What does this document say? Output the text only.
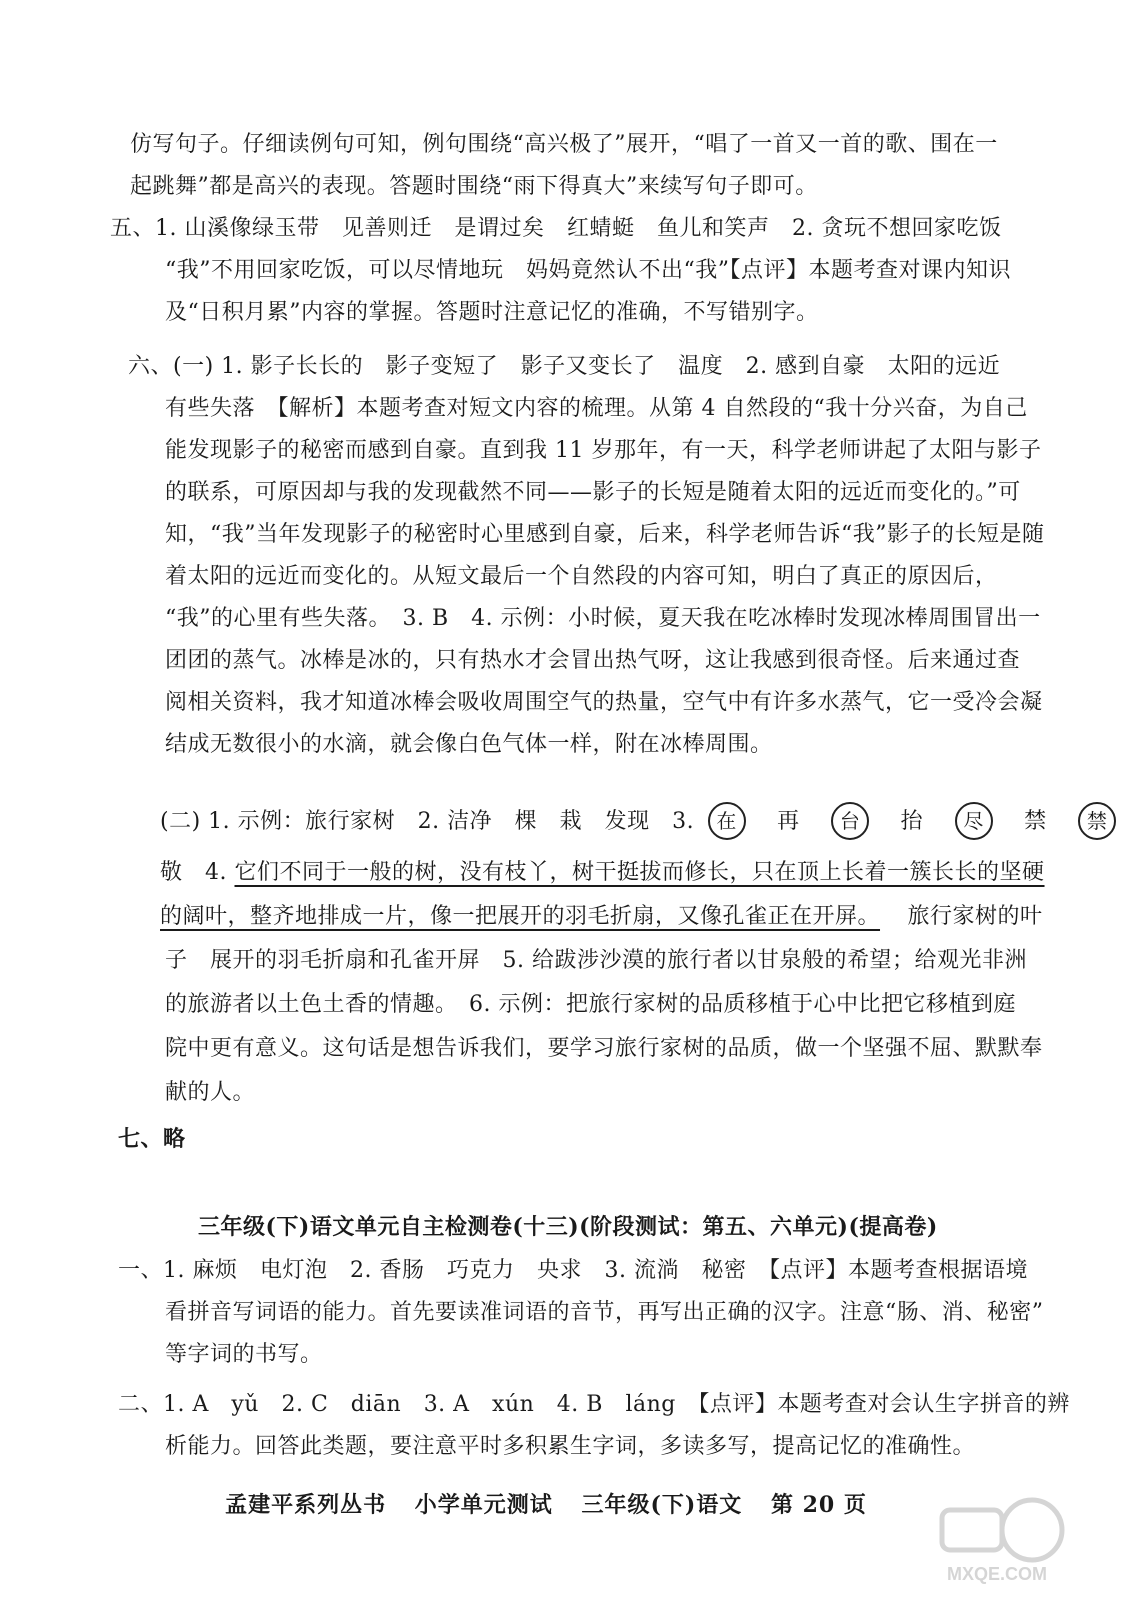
仿写句子。仔细读例句可知，例句围绕“高兴极了”展开，“唱了一首又一首的歌、围在一
起跳舞”都是高兴的表现。答题时围绕“雨下得真大”来续写句子即可。
五、1. 山溪像绿玉带　见善则迁　是谓过矣　红蜻蜓　鱼儿和笑声　2. 贪玩不想回家吃饭
“我”不用回家吃饭，可以尽情地玩　妈妈竟然认不出“我”【点评】本题考查对课内知识
及“日积月累”内容的掌握。答题时注意记忆的准确，不写错别字。
六、(一) 1. 影子长长的　影子变短了　影子又变长了　温度　2. 感到自豪　太阳的远近
有些失落　【解析】本题考查对短文内容的梳理。从第 4 自然段的“我十分兴奋，为自己
能发现影子的秘密而感到自豪。直到我 11 岁那年，有一天，科学老师讲起了太阳与影子
的联系，可原因却与我的发现截然不同——影子的长短是随着太阳的远近而变化的。”可
知，“我”当年发现影子的秘密时心里感到自豪，后来，科学老师告诉“我”影子的长短是随
着太阳的远近而变化的。从短文最后一个自然段的内容可知，明白了真正的原因后，
“我”的心里有些失落。　3. B　4. 示例：小时候，夏天我在吃冰棒时发现冰棒周围冒出一
团团的蒸气。冰棒是冰的，只有热水才会冒出热气呀，这让我感到很奇怪。后来通过查
阅相关资料，我才知道冰棒会吸收周围空气的热量，空气中有许多水蒸气，它一受冷会凝
结成无数很小的水滴，就会像白色气体一样，附在冰棒周围。
(二) 1. 示例：旅行家树　2. 洁净　棵　栽　发现　3. 在 再 台 抬 尽 禁 禁
敬　4. 它们不同于一般的树，没有枝丫，树干挺拔而修长，只在顶上长着一簇长长的坚硬
的阔叶，整齐地排成一片，像一把展开的羽毛折扇，又像孔雀正在开屏。 旅行家树的叶
子　展开的羽毛折扇和孔雀开屏　5. 给跋涉沙漠的旅行者以甘泉般的希望；给观光非洲
的旅游者以土色土香的情趣。　6. 示例：把旅行家树的品质移植于心中比把它移植到庭
院中更有意义。这句话是想告诉我们，要学习旅行家树的品质，做一个坚强不屈、默默奉
献的人。
七、略
三年级(下)语文单元自主检测卷(十三)(阶段测试：第五、六单元)(提高卷)
一、1. 麻烦　电灯泡　2. 香肠　巧克力　央求　3. 流淌　秘密　【点评】本题考查根据语境
看拼音写词语的能力。首先要读准词语的音节，再写出正确的汉字。注意“肠、消、秘密”
等字词的书写。
二、1. A　yǔ　2. C　diān　3. A　xún　4. B　láng　【点评】本题考查对会认生字拼音的辨
析能力。回答此类题，要注意平时多积累生字词，多读多写，提高记忆的准确性。
孟建平系列丛书 小学单元测试 三年级(下)语文 第 20 页
MXQE.COM
